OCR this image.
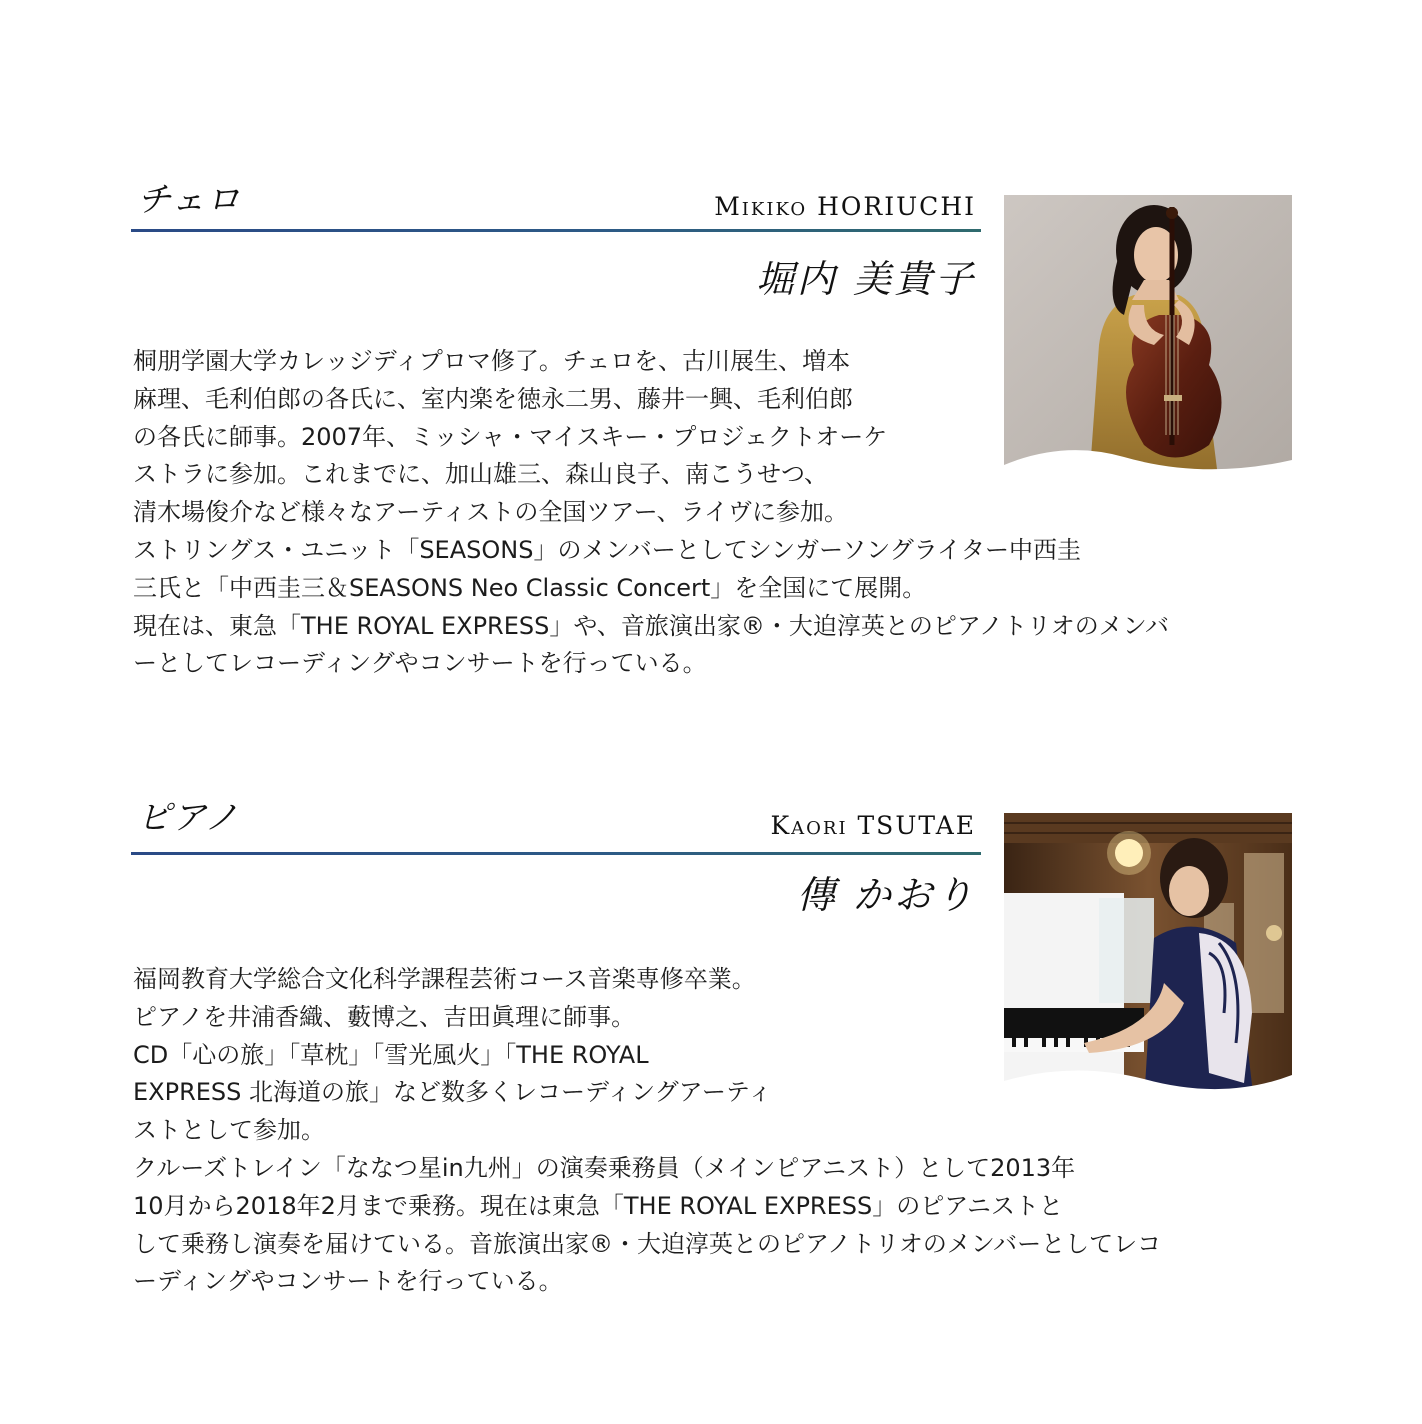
チェロ	Mikiko HORIUCHI
堀内 美貴子

桐朋学園大学カレッジディプロマ修了。チェロを、古川展生、増本
麻理、毛利伯郎の各氏に、室内楽を徳永二男、藤井一興、毛利伯郎
の各氏に師事。2007年、ミッシャ・マイスキー・プロジェクトオーケ
ストラに参加。これまでに、加山雄三、森山良子、南こうせつ、
清木場俊介など様々なアーティストの全国ツアー、ライヴに参加。
ストリングス・ユニット「SEASONS」のメンバーとしてシンガーソングライター中西圭
三氏と「中西圭三＆SEASONS Neo Classic Concert」を全国にて展開。
現在は、東急「THE ROYAL EXPRESS」や、音旅演出家®・大迫淳英とのピアノトリオのメンバ
ーとしてレコーディングやコンサートを行っている。

ピアノ	Kaori TSUTAE
傳 かおり

福岡教育大学総合文化科学課程芸術コース音楽専修卒業。
ピアノを井浦香織、藪博之、吉田眞理に師事。
CD「心の旅」「草枕」「雪光風火」「THE ROYAL
EXPRESS 北海道の旅」など数多くレコーディングアーティ
ストとして参加。
クルーズトレイン「ななつ星in九州」の演奏乗務員（メインピアニスト）として2013年
10月から2018年2月まで乗務。現在は東急「THE ROYAL EXPRESS」のピアニストと
して乗務し演奏を届けている。音旅演出家®・大迫淳英とのピアノトリオのメンバーとしてレコ
ーディングやコンサートを行っている。
